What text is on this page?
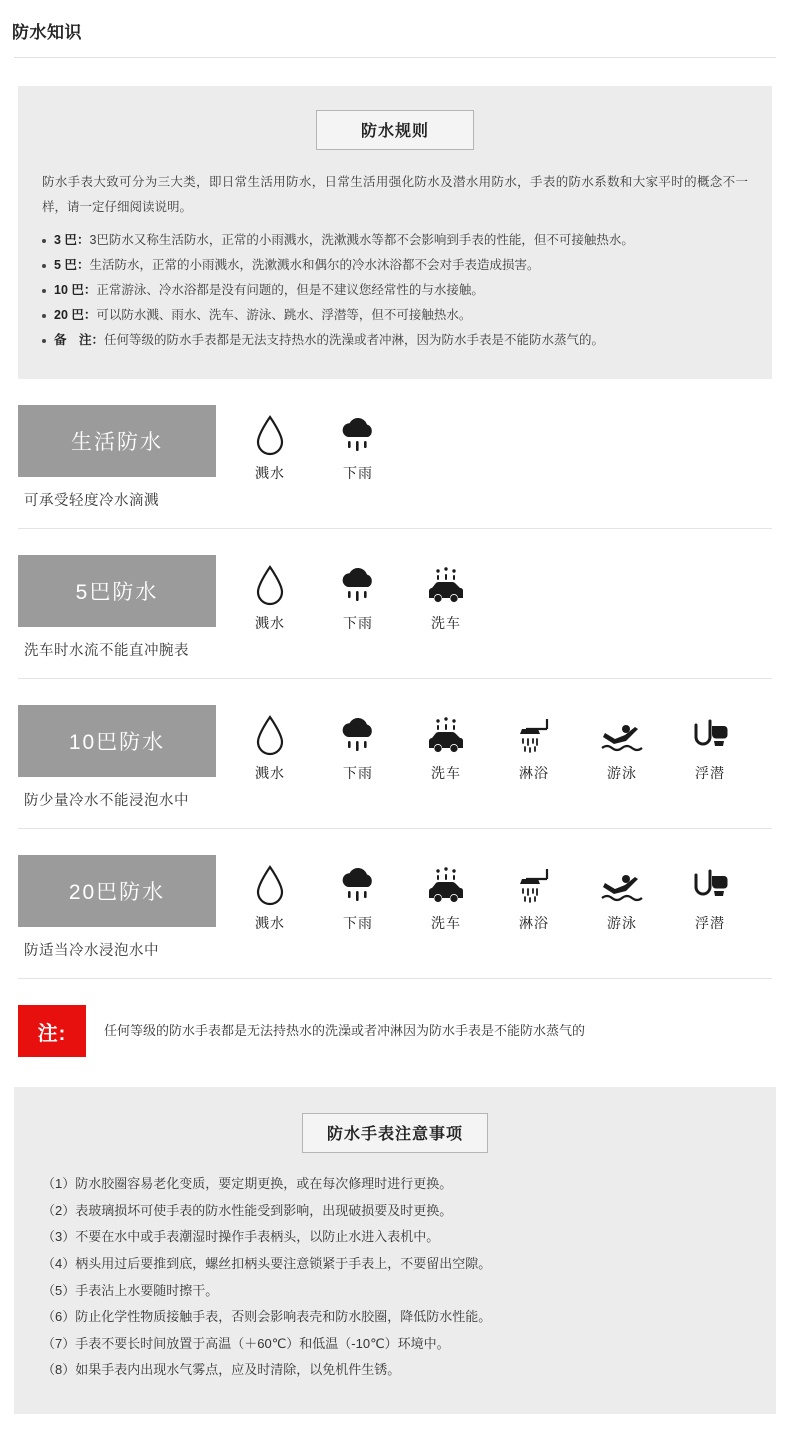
防水知识
防水规则

防水手表大致可分为三大类，即日常生活用防水，日常生活用强化防水及潜水用防水，手表的防水系数和大家平时的概念不一样，请一定仔细阅读说明。

3 巴：3巴防水又称生活防水，正常的小雨溅水，洗漱溅水等都不会影响到手表的性能，但不可接触热水。
5 巴：生活防水，正常的小雨溅水，洗漱溅水和偶尔的冷水沐浴都不会对手表造成损害。
10 巴：正常游泳、冷水浴都是没有问题的，但是不建议您经常性的与水接触。
20 巴：可以防水溅、雨水、洗车、游泳、跳水、浮潜等，但不可接触热水。
备　注：任何等级的防水手表都是无法支持热水的洗澡或者冲淋，因为防水手表是不能防水蒸气的。
生活防水
可承受轻度冷水滴溅
溅水	下雨
5巴防水
洗车时水流不能直冲腕表
溅水	下雨	洗车
10巴防水
防少量冷水不能浸泡水中
溅水	下雨	洗车	淋浴	游泳	浮潜
20巴防水
防适当冷水浸泡水中
溅水	下雨	洗车	淋浴	游泳	浮潜
注:	任何等级的防水手表都是无法持热水的洗澡或者冲淋因为防水手表是不能防水蒸气的
防水手表注意事项
（1）防水胶圈容易老化变质，要定期更换，或在每次修理时进行更换。
（2）表玻璃损坏可使手表的防水性能受到影响，出现破损要及时更换。
（3）不要在水中或手表潮湿时操作手表柄头，以防止水进入表机中。
（4）柄头用过后要推到底，螺丝扣柄头要注意锁紧于手表上，不要留出空隙。
（5）手表沾上水要随时擦干。
（6）防止化学性物质接触手表，否则会影响表壳和防水胶圈，降低防水性能。
（7）手表不要长时间放置于高温（＋60℃）和低温（-10℃）环境中。
（8）如果手表内出现水气雾点，应及时清除，以免机件生锈。
